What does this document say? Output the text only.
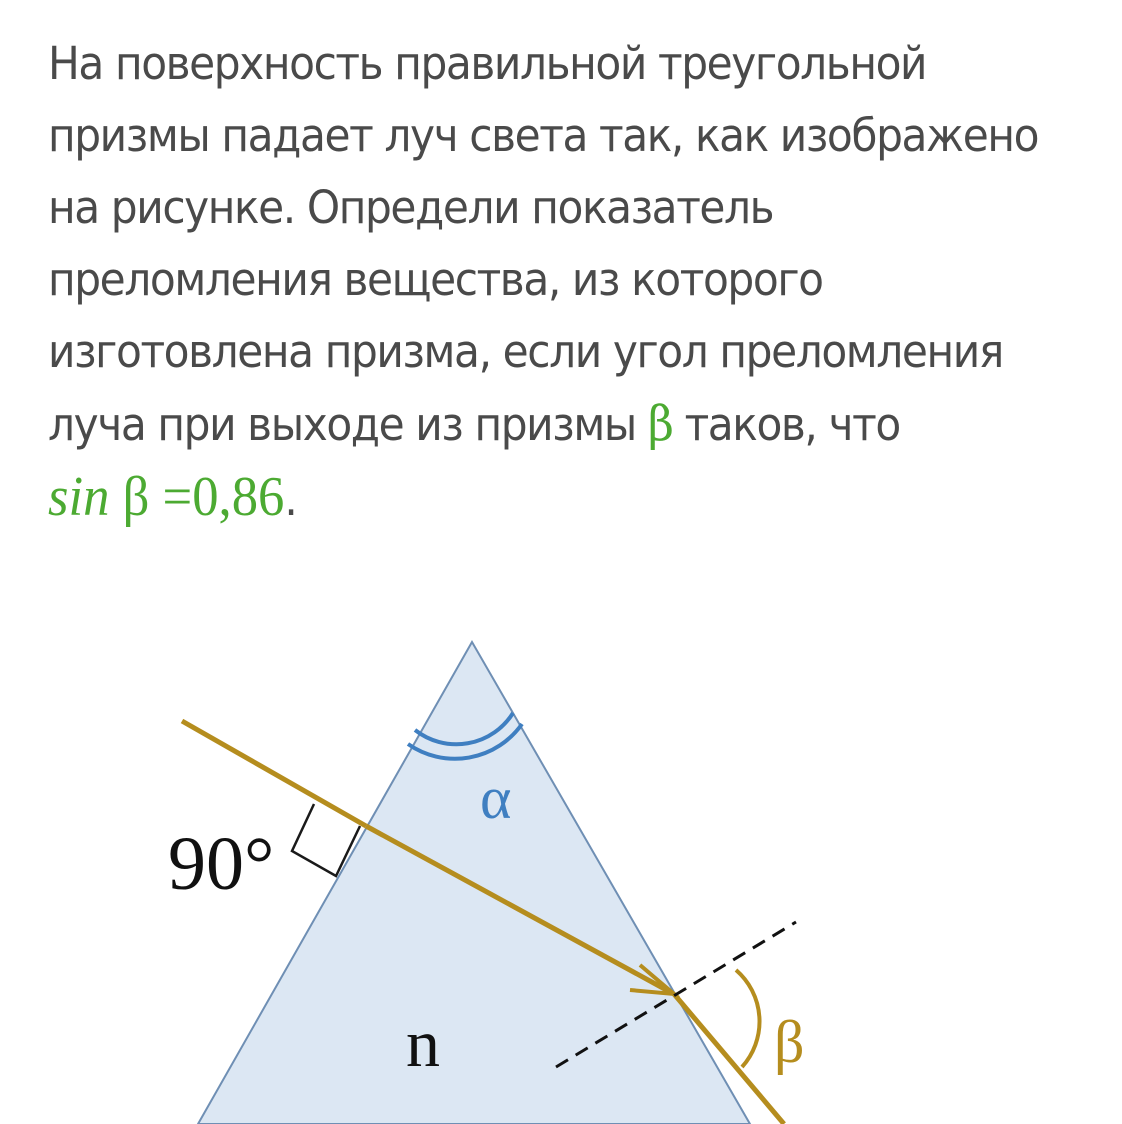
На поверхность правильной треугольной
призмы падает луч света так, как изображено
на рисунке. Определи показатель
преломления вещества, из которого
изготовлена призма, если угол преломления
луча при выходе из призмы β таков, что
sin β =0,86.

90°
α
β
n
